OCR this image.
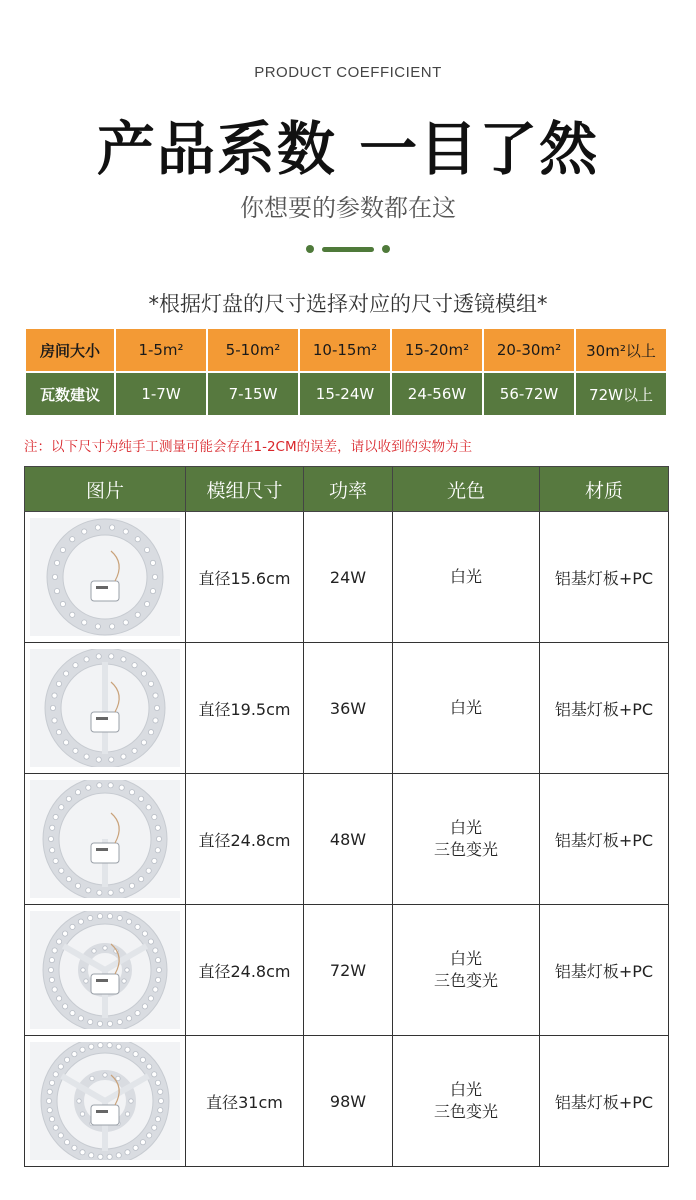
PRODUCT COEFFICIENT
产品系数 一目了然
你想要的参数都在这
*根据灯盘的尺寸选择对应的尺寸透镜模组*
房间大小	1-5m²	5-10m²	10-15m²	15-20m²	20-30m²	30m²以上
瓦数建议	1-7W	7-15W	15-24W	24-56W	56-72W	72W以上
注：以下尺寸为纯手工测量可能会存在1-2CM的误差，请以收到的实物为主
图片	模组尺寸	功率	光色	材质

	直径15.6cm	24W	白光	铝基灯板+PC

	直径19.5cm	36W	白光	铝基灯板+PC

	直径24.8cm	48W	白光
三色变光	铝基灯板+PC

	直径24.8cm	72W	白光
三色变光	铝基灯板+PC

	直径31cm	98W	白光
三色变光	铝基灯板+PC
